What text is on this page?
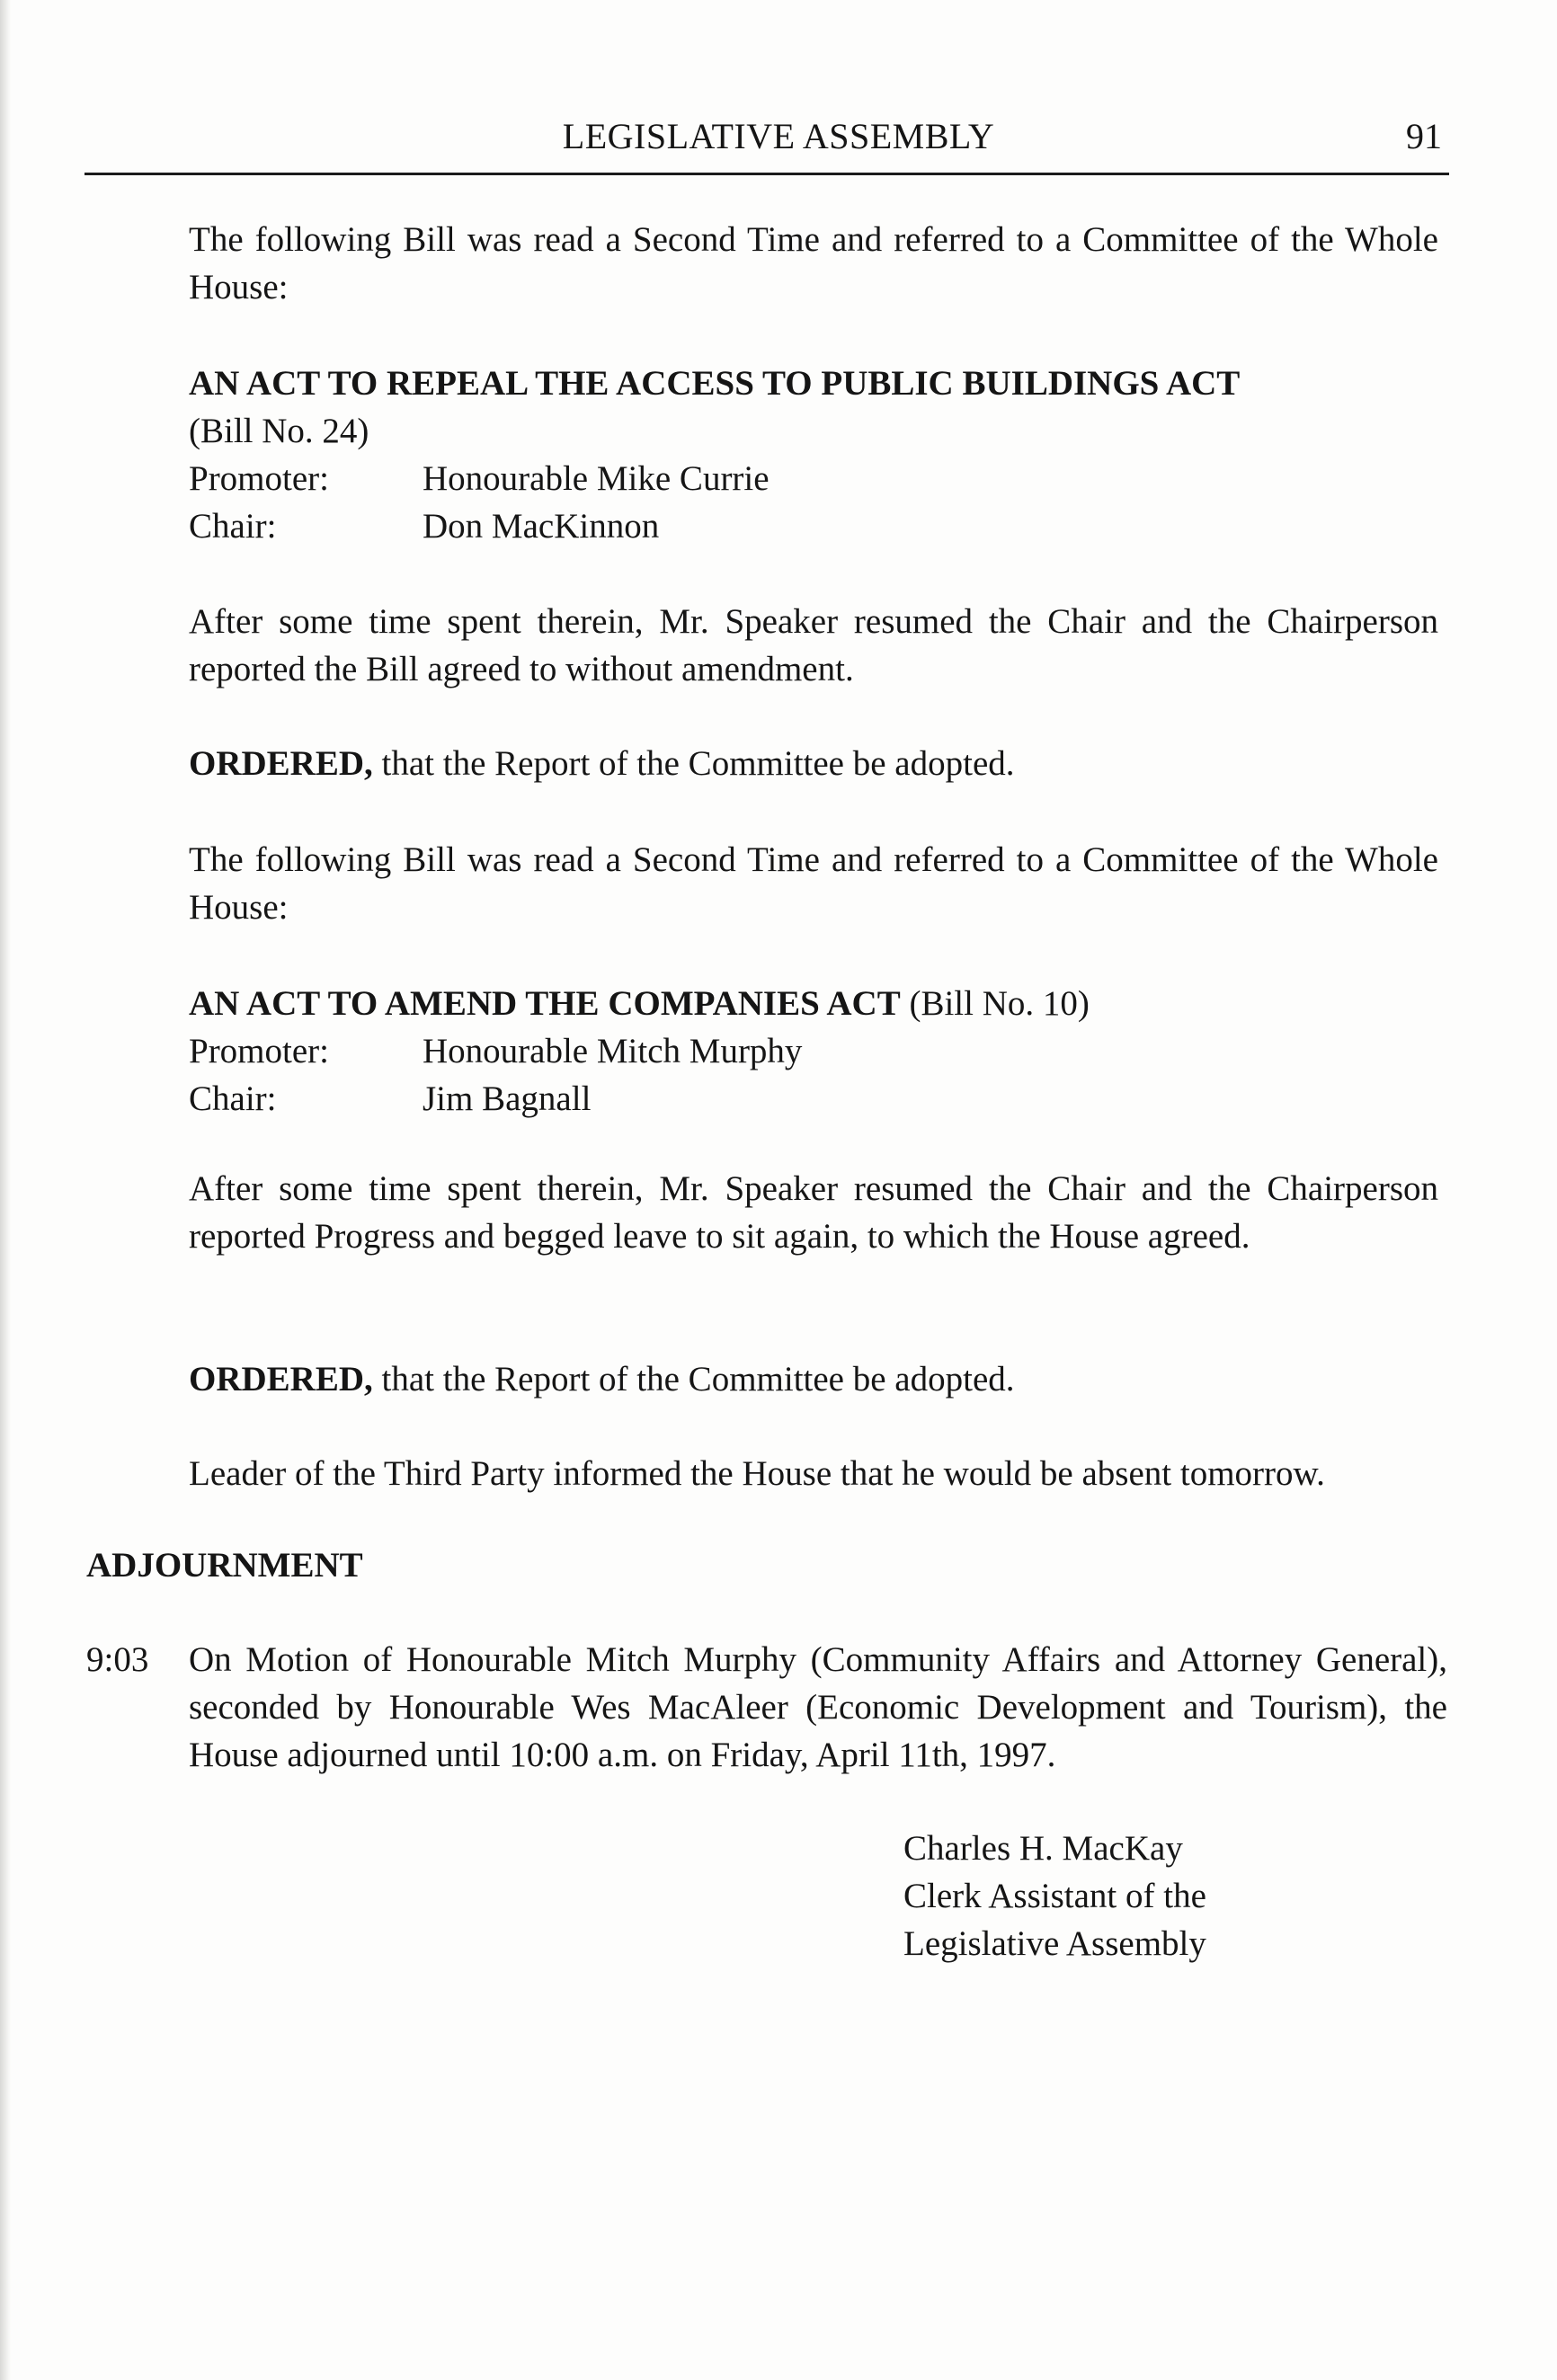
LEGISLATIVE ASSEMBLY	91

The following Bill was read a Second Time and referred to a Committee of the Whole House:

AN ACT TO REPEAL THE ACCESS TO PUBLIC BUILDINGS ACT
(Bill No. 24)
Promoter:	Honourable Mike Currie
Chair:	Don MacKinnon

After some time spent therein, Mr. Speaker resumed the Chair and the Chairperson reported the Bill agreed to without amendment.

ORDERED, that the Report of the Committee be adopted.

The following Bill was read a Second Time and referred to a Committee of the Whole House:

AN ACT TO AMEND THE COMPANIES ACT (Bill No. 10)
Promoter:	Honourable Mitch Murphy
Chair:	Jim Bagnall

After some time spent therein, Mr. Speaker resumed the Chair and the Chairperson reported Progress and begged leave to sit again, to which the House agreed.

ORDERED, that the Report of the Committee be adopted.
Leader of the Third Party informed the House that he would be absent tomorrow.
ADJOURNMENT
9:03 On Motion of Honourable Mitch Murphy (Community Affairs and Attorney General), seconded by Honourable Wes MacAleer (Economic Development and Tourism), the House adjourned until 10:00 a.m. on Friday, April 11th, 1997.

Charles H. MacKay
Clerk Assistant of the
Legislative Assembly
